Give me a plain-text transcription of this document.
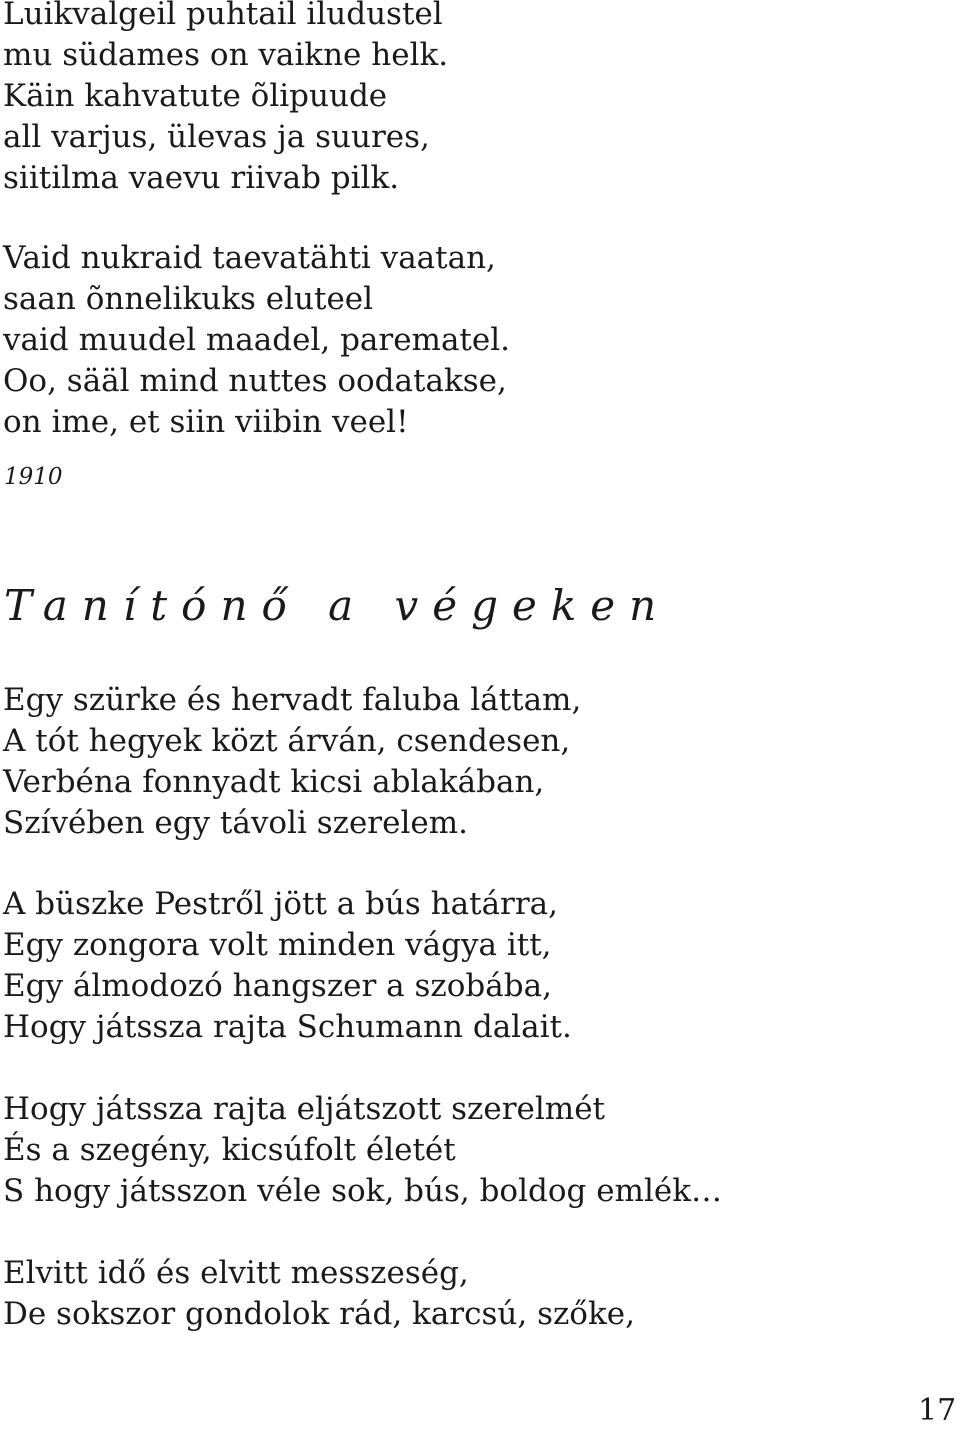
Luikvalgeil puhtail iludustel
mu südames on vaikne helk.
Käin kahvatute õlipuude
all varjus, ülevas ja suures,
siitilma vaevu riivab pilk.
Vaid nukraid taevatähti vaatan,
saan õnnelikuks eluteel
vaid muudel maadel, parematel.
Oo, sääl mind nuttes oodatakse,
on ime, et siin viibin veel!
1910
Tanítónő a végeken
Egy szürke és hervadt faluba láttam,
A tót hegyek közt árván, csendesen,
Verbéna fonnyadt kicsi ablakában,
Szívében egy távoli szerelem.
A büszke Pestről jött a bús határra,
Egy zongora volt minden vágya itt,
Egy álmodozó hangszer a szobába,
Hogy játssza rajta Schumann dalait.
Hogy játssza rajta eljátszott szerelmét
És a szegény, kicsúfolt életét
S hogy játsszon véle sok, bús, boldog emlék…
Elvitt idő és elvitt messzeség,
De sokszor gondolok rád, karcsú, szőke,
17
